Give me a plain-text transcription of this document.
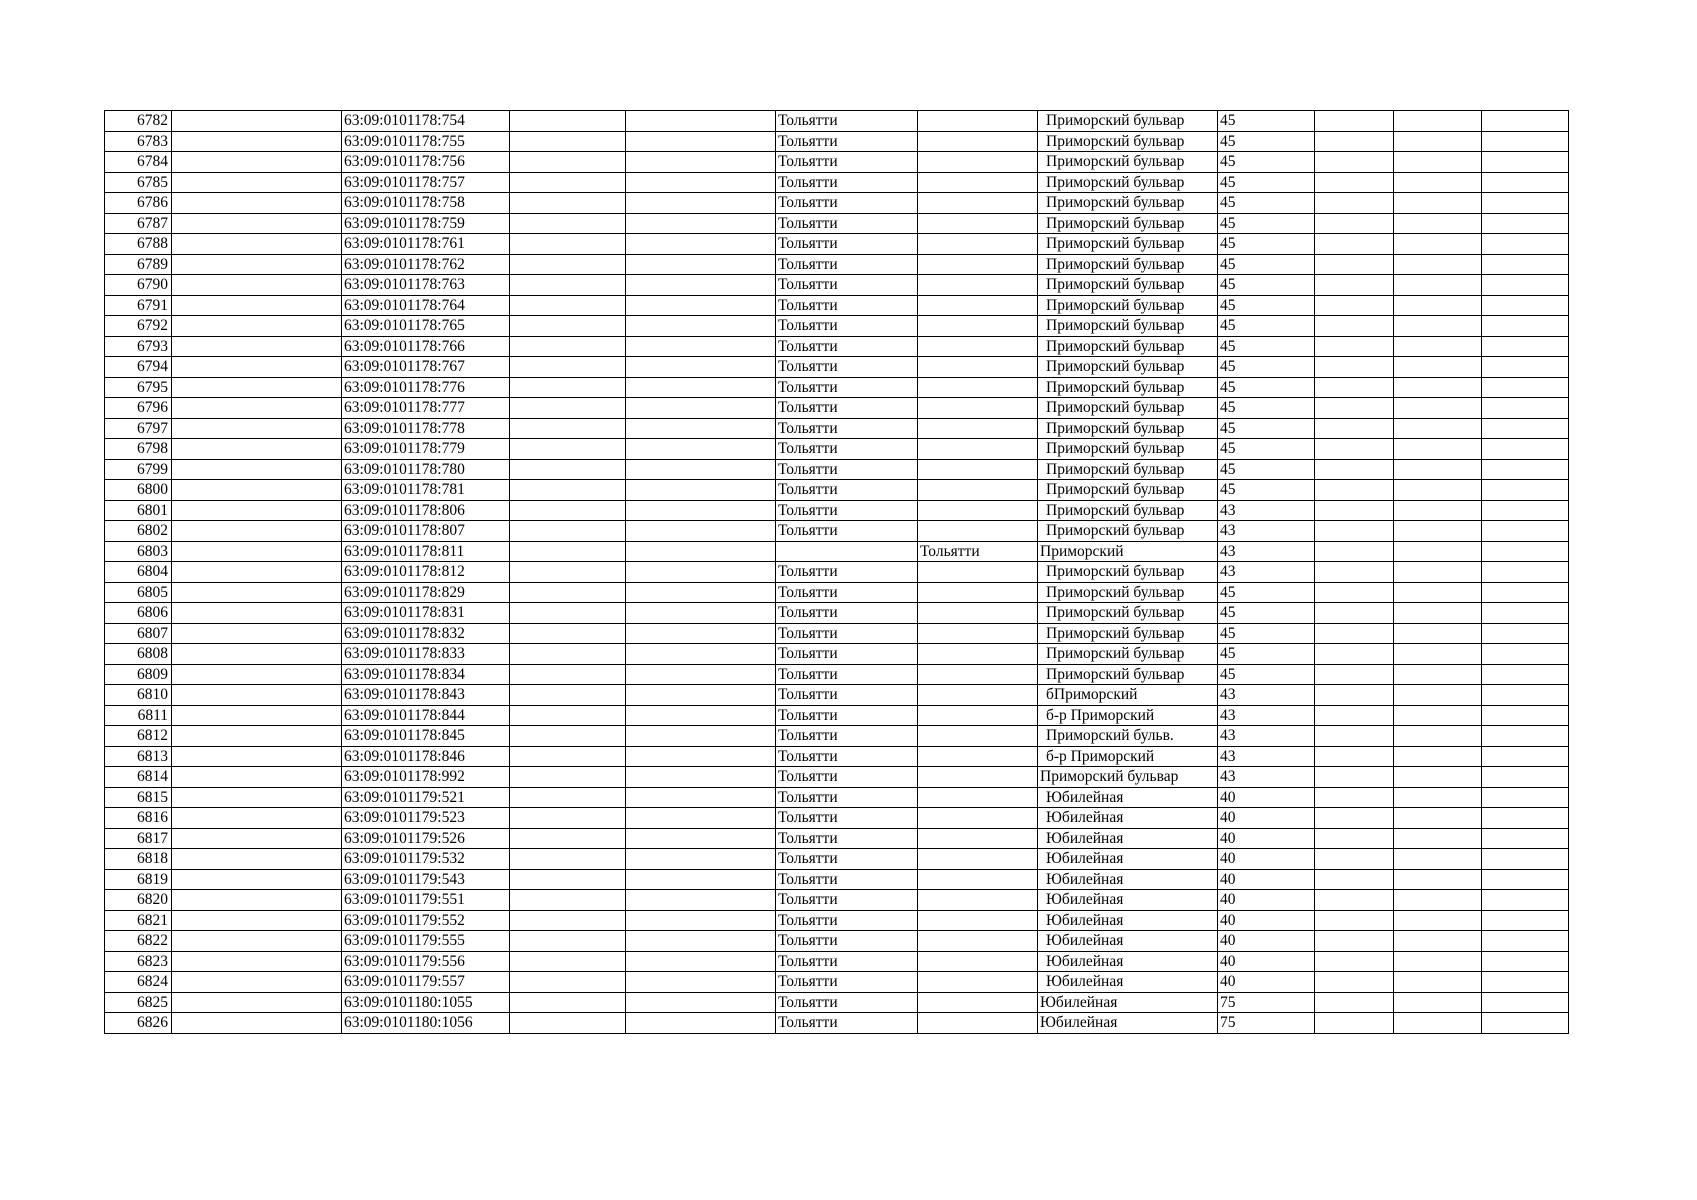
6782		63:09:0101178:754			Тольятти		Приморский бульвар	45			
6783		63:09:0101178:755			Тольятти		Приморский бульвар	45			
6784		63:09:0101178:756			Тольятти		Приморский бульвар	45			
6785		63:09:0101178:757			Тольятти		Приморский бульвар	45			
6786		63:09:0101178:758			Тольятти		Приморский бульвар	45			
6787		63:09:0101178:759			Тольятти		Приморский бульвар	45			
6788		63:09:0101178:761			Тольятти		Приморский бульвар	45			
6789		63:09:0101178:762			Тольятти		Приморский бульвар	45			
6790		63:09:0101178:763			Тольятти		Приморский бульвар	45			
6791		63:09:0101178:764			Тольятти		Приморский бульвар	45			
6792		63:09:0101178:765			Тольятти		Приморский бульвар	45			
6793		63:09:0101178:766			Тольятти		Приморский бульвар	45			
6794		63:09:0101178:767			Тольятти		Приморский бульвар	45			
6795		63:09:0101178:776			Тольятти		Приморский бульвар	45			
6796		63:09:0101178:777			Тольятти		Приморский бульвар	45			
6797		63:09:0101178:778			Тольятти		Приморский бульвар	45			
6798		63:09:0101178:779			Тольятти		Приморский бульвар	45			
6799		63:09:0101178:780			Тольятти		Приморский бульвар	45			
6800		63:09:0101178:781			Тольятти		Приморский бульвар	45			
6801		63:09:0101178:806			Тольятти		Приморский бульвар	43			
6802		63:09:0101178:807			Тольятти		Приморский бульвар	43			
6803		63:09:0101178:811				Тольятти	Приморский	43			
6804		63:09:0101178:812			Тольятти		Приморский бульвар	43			
6805		63:09:0101178:829			Тольятти		Приморский бульвар	45			
6806		63:09:0101178:831			Тольятти		Приморский бульвар	45			
6807		63:09:0101178:832			Тольятти		Приморский бульвар	45			
6808		63:09:0101178:833			Тольятти		Приморский бульвар	45			
6809		63:09:0101178:834			Тольятти		Приморский бульвар	45			
6810		63:09:0101178:843			Тольятти		бПриморский	43			
6811		63:09:0101178:844			Тольятти		б-р Приморский	43			
6812		63:09:0101178:845			Тольятти		Приморский бульв.	43			
6813		63:09:0101178:846			Тольятти		б-р Приморский	43			
6814		63:09:0101178:992			Тольятти		Приморский бульвар	43			
6815		63:09:0101179:521			Тольятти		Юбилейная	40			
6816		63:09:0101179:523			Тольятти		Юбилейная	40			
6817		63:09:0101179:526			Тольятти		Юбилейная	40			
6818		63:09:0101179:532			Тольятти		Юбилейная	40			
6819		63:09:0101179:543			Тольятти		Юбилейная	40			
6820		63:09:0101179:551			Тольятти		Юбилейная	40			
6821		63:09:0101179:552			Тольятти		Юбилейная	40			
6822		63:09:0101179:555			Тольятти		Юбилейная	40			
6823		63:09:0101179:556			Тольятти		Юбилейная	40			
6824		63:09:0101179:557			Тольятти		Юбилейная	40			
6825		63:09:0101180:1055			Тольятти		Юбилейная	75			
6826		63:09:0101180:1056			Тольятти		Юбилейная	75			
